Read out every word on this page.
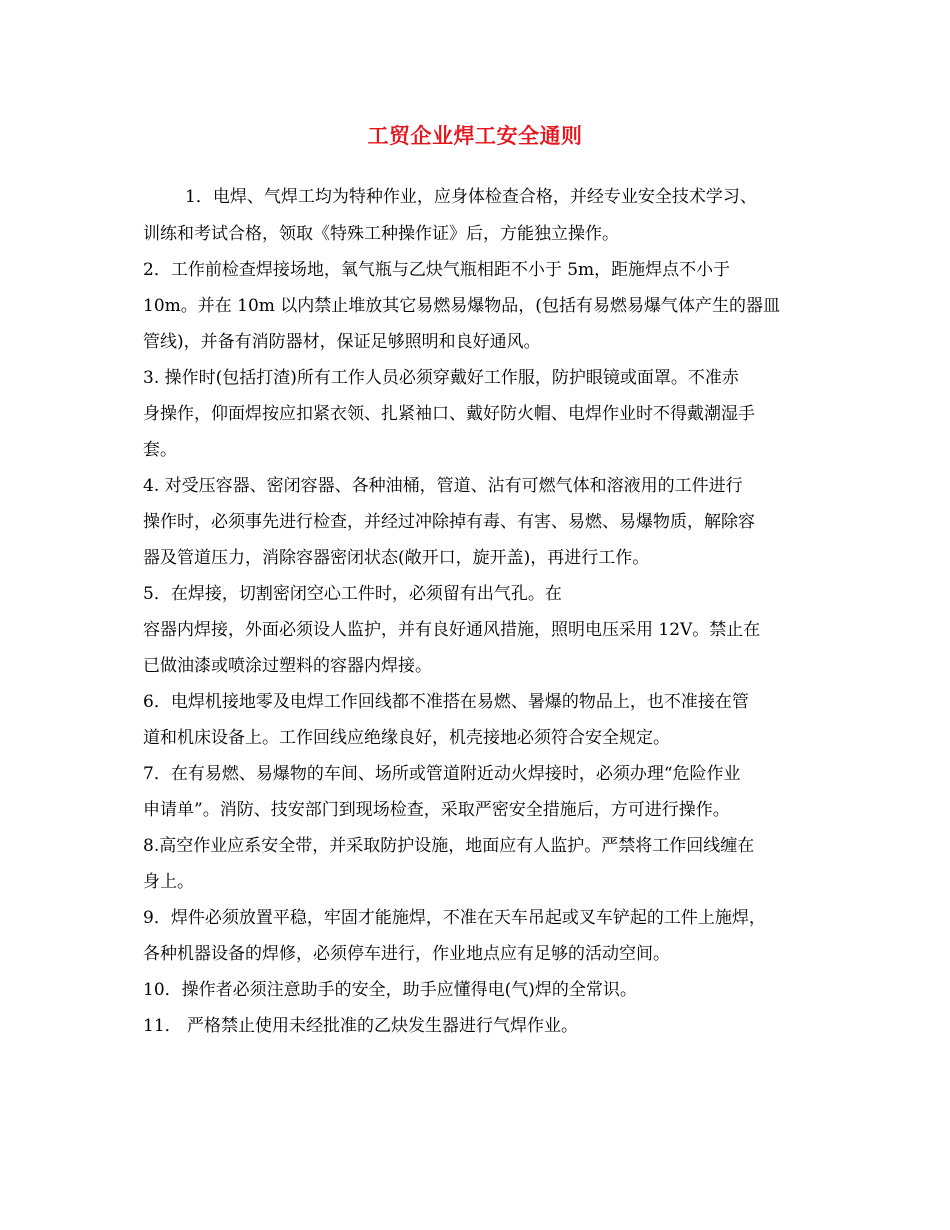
工贸企业焊工安全通则
1．电焊、气焊工均为特种作业，应身体检查合格，并经专业安全技术学习、
训练和考试合格，领取《特殊工种操作证》后，方能独立操作。
2．工作前检查焊接场地，氧气瓶与乙炔气瓶相距不小于 5m，距施焊点不小于
10m。并在 10m 以内禁止堆放其它易燃易爆物品，(包括有易燃易爆气体产生的器皿
管线)，并备有消防器材，保证足够照明和良好通风。
3. 操作时(包括打渣)所有工作人员必须穿戴好工作服，防护眼镜或面罩。不准赤
身操作，仰面焊按应扣紧衣领、扎紧袖口、戴好防火帽、电焊作业时不得戴潮湿手
套。
4. 对受压容器、密闭容器、各种油桶，管道、沾有可燃气体和溶液用的工件进行
操作时，必须事先进行检查，并经过冲除掉有毒、有害、易燃、易爆物质，解除容
器及管道压力，消除容器密闭状态(敞开口，旋开盖)，再进行工作。
5．在焊接，切割密闭空心工件时，必须留有出气孔。在
容器内焊接，外面必须设人监护，并有良好通风措施，照明电压采用 12V。禁止在
已做油漆或喷涂过塑料的容器内焊接。
6．电焊机接地零及电焊工作回线都不准搭在易燃、暑爆的物品上，也不准接在管
道和机床设备上。工作回线应绝缘良好，机壳接地必须符合安全规定。
7．在有易燃、易爆物的车间、场所或管道附近动火焊接时，必须办理“危险作业
申请单”。消防、技安部门到现场检查，采取严密安全措施后，方可进行操作。
8.高空作业应系安全带，并采取防护设施，地面应有人监护。严禁将工作回线缠在
身上。
9．焊件必须放置平稳，牢固才能施焊，不准在天车吊起或叉车铲起的工件上施焊，
各种机器设备的焊修，必须停车进行，作业地点应有足够的活动空间。
10．操作者必须注意助手的安全，助手应懂得电(气)焊的全常识。
11． 严格禁止使用未经批准的乙炔发生器进行气焊作业。
